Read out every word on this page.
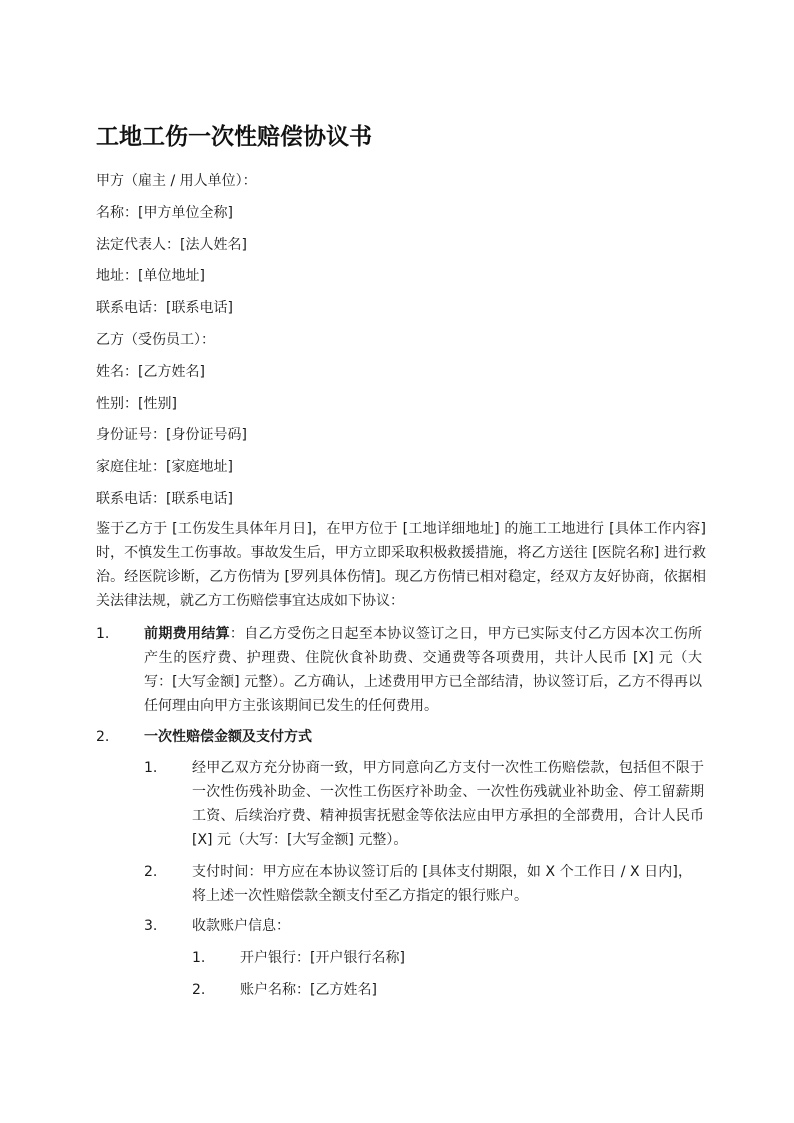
工地工伤一次性赔偿协议书

甲方（雇主 / 用人单位）：

名称：[甲方单位全称]

法定代表人：[法人姓名]

地址：[单位地址]

联系电话：[联系电话]

乙方（受伤员工）：

姓名：[乙方姓名]

性别：[性别]

身份证号：[身份证号码]

家庭住址：[家庭地址]

联系电话：[联系电话]

鉴于乙方于 [工伤发生具体年月日]，在甲方位于 [工地详细地址] 的施工工地进行 [具体工作内容] 时，不慎发生工伤事故。事故发生后，甲方立即采取积极救援措施，将乙方送往 [医院名称] 进行救治。经医院诊断，乙方伤情为 [罗列具体伤情]。现乙方伤情已相对稳定，经双方友好协商，依据相关法律法规，就乙方工伤赔偿事宜达成如下协议：

1. 前期费用结算：自乙方受伤之日起至本协议签订之日，甲方已实际支付乙方因本次工伤所产生的医疗费、护理费、住院伙食补助费、交通费等各项费用，共计人民币 [X] 元（大写：[大写金额] 元整）。乙方确认，上述费用甲方已全部结清，协议签订后，乙方不得再以任何理由向甲方主张该期间已发生的任何费用。
2. 一次性赔偿金额及支付方式
1. 经甲乙双方充分协商一致，甲方同意向乙方支付一次性工伤赔偿款，包括但不限于一次性伤残补助金、一次性工伤医疗补助金、一次性伤残就业补助金、停工留薪期工资、后续治疗费、精神损害抚慰金等依法应由甲方承担的全部费用，合计人民币 [X] 元（大写：[大写金额] 元整）。
2. 支付时间：甲方应在本协议签订后的 [具体支付期限，如 X 个工作日 / X 日内]，将上述一次性赔偿款全额支付至乙方指定的银行账户。
3. 收款账户信息：
1. 开户银行：[开户银行名称]
2. 账户名称：[乙方姓名]
